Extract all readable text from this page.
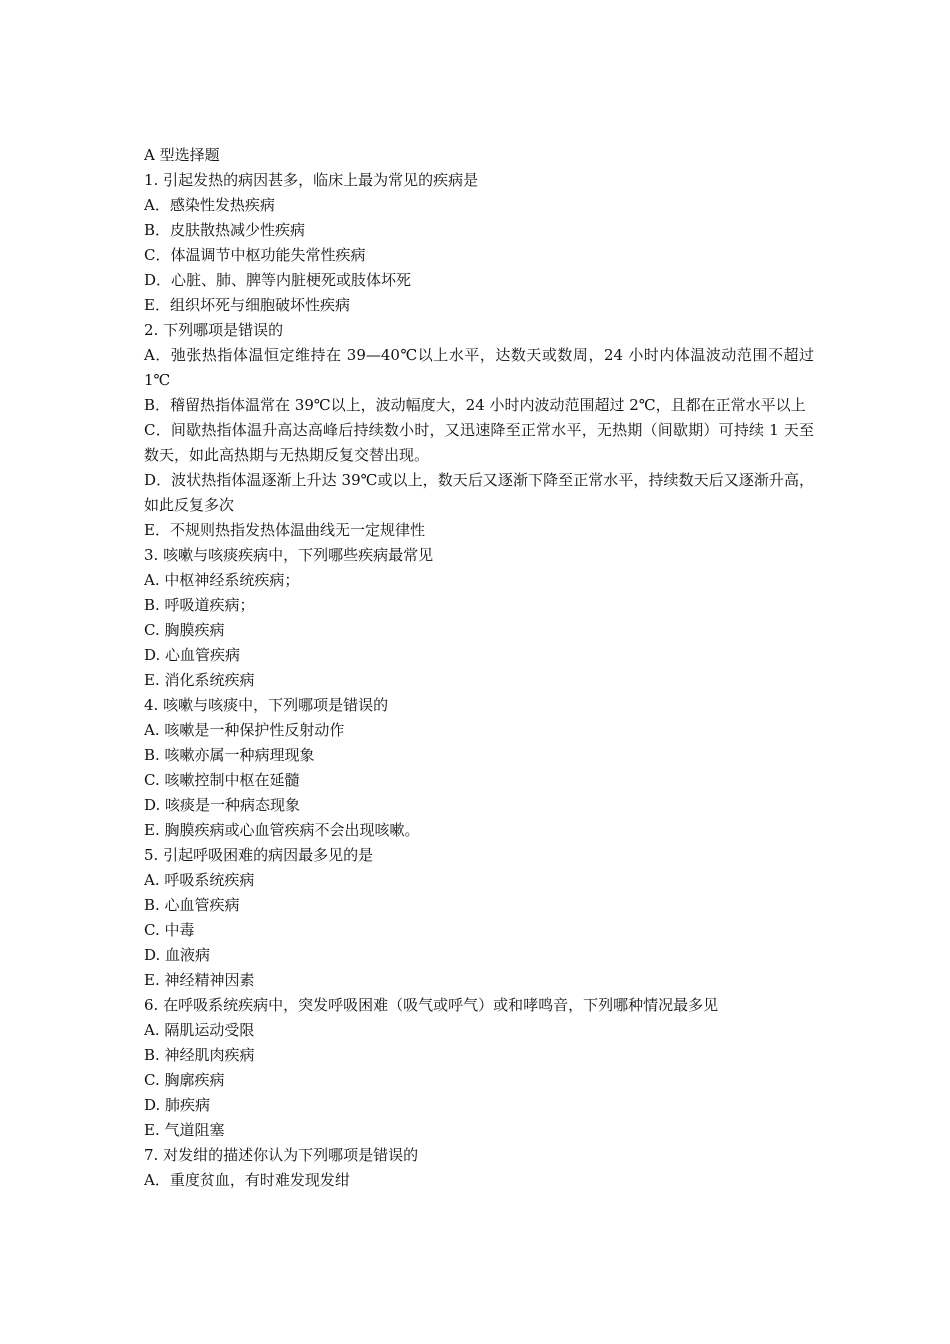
A 型选择题
1. 引起发热的病因甚多，临床上最为常见的疾病是
A．感染性发热疾病
B．皮肤散热减少性疾病
C．体温调节中枢功能失常性疾病
D．心脏、肺、脾等内脏梗死或肢体坏死
E．组织坏死与细胞破坏性疾病
2. 下列哪项是错误的
A．弛张热指体温恒定维持在 39—40℃以上水平，达数天或数周，24 小时内体温波动范围不超过 1℃
B．稽留热指体温常在 39℃以上，波动幅度大，24 小时内波动范围超过 2℃，且都在正常水平以上
C．间歇热指体温升高达高峰后持续数小时，又迅速降至正常水平，无热期（间歇期）可持续 1 天至数天，如此高热期与无热期反复交替出现。
D．波状热指体温逐渐上升达 39℃或以上，数天后又逐渐下降至正常水平，持续数天后又逐渐升高，如此反复多次
E．不规则热指发热体温曲线无一定规律性
3. 咳嗽与咳痰疾病中，下列哪些疾病最常见
A. 中枢神经系统疾病；
B. 呼吸道疾病；
C. 胸膜疾病
D. 心血管疾病
E. 消化系统疾病
4. 咳嗽与咳痰中，下列哪项是错误的
A. 咳嗽是一种保护性反射动作
B. 咳嗽亦属一种病理现象
C. 咳嗽控制中枢在延髓
D. 咳痰是一种病态现象
E. 胸膜疾病或心血管疾病不会出现咳嗽。
5. 引起呼吸困难的病因最多见的是
A. 呼吸系统疾病
B. 心血管疾病
C. 中毒
D. 血液病
E. 神经精神因素
6. 在呼吸系统疾病中，突发呼吸困难（吸气或呼气）或和哮鸣音，下列哪种情况最多见
A. 隔肌运动受限
B. 神经肌肉疾病
C. 胸廓疾病
D. 肺疾病
E. 气道阻塞
7. 对发绀的描述你认为下列哪项是错误的
A．重度贫血，有时难发现发绀
